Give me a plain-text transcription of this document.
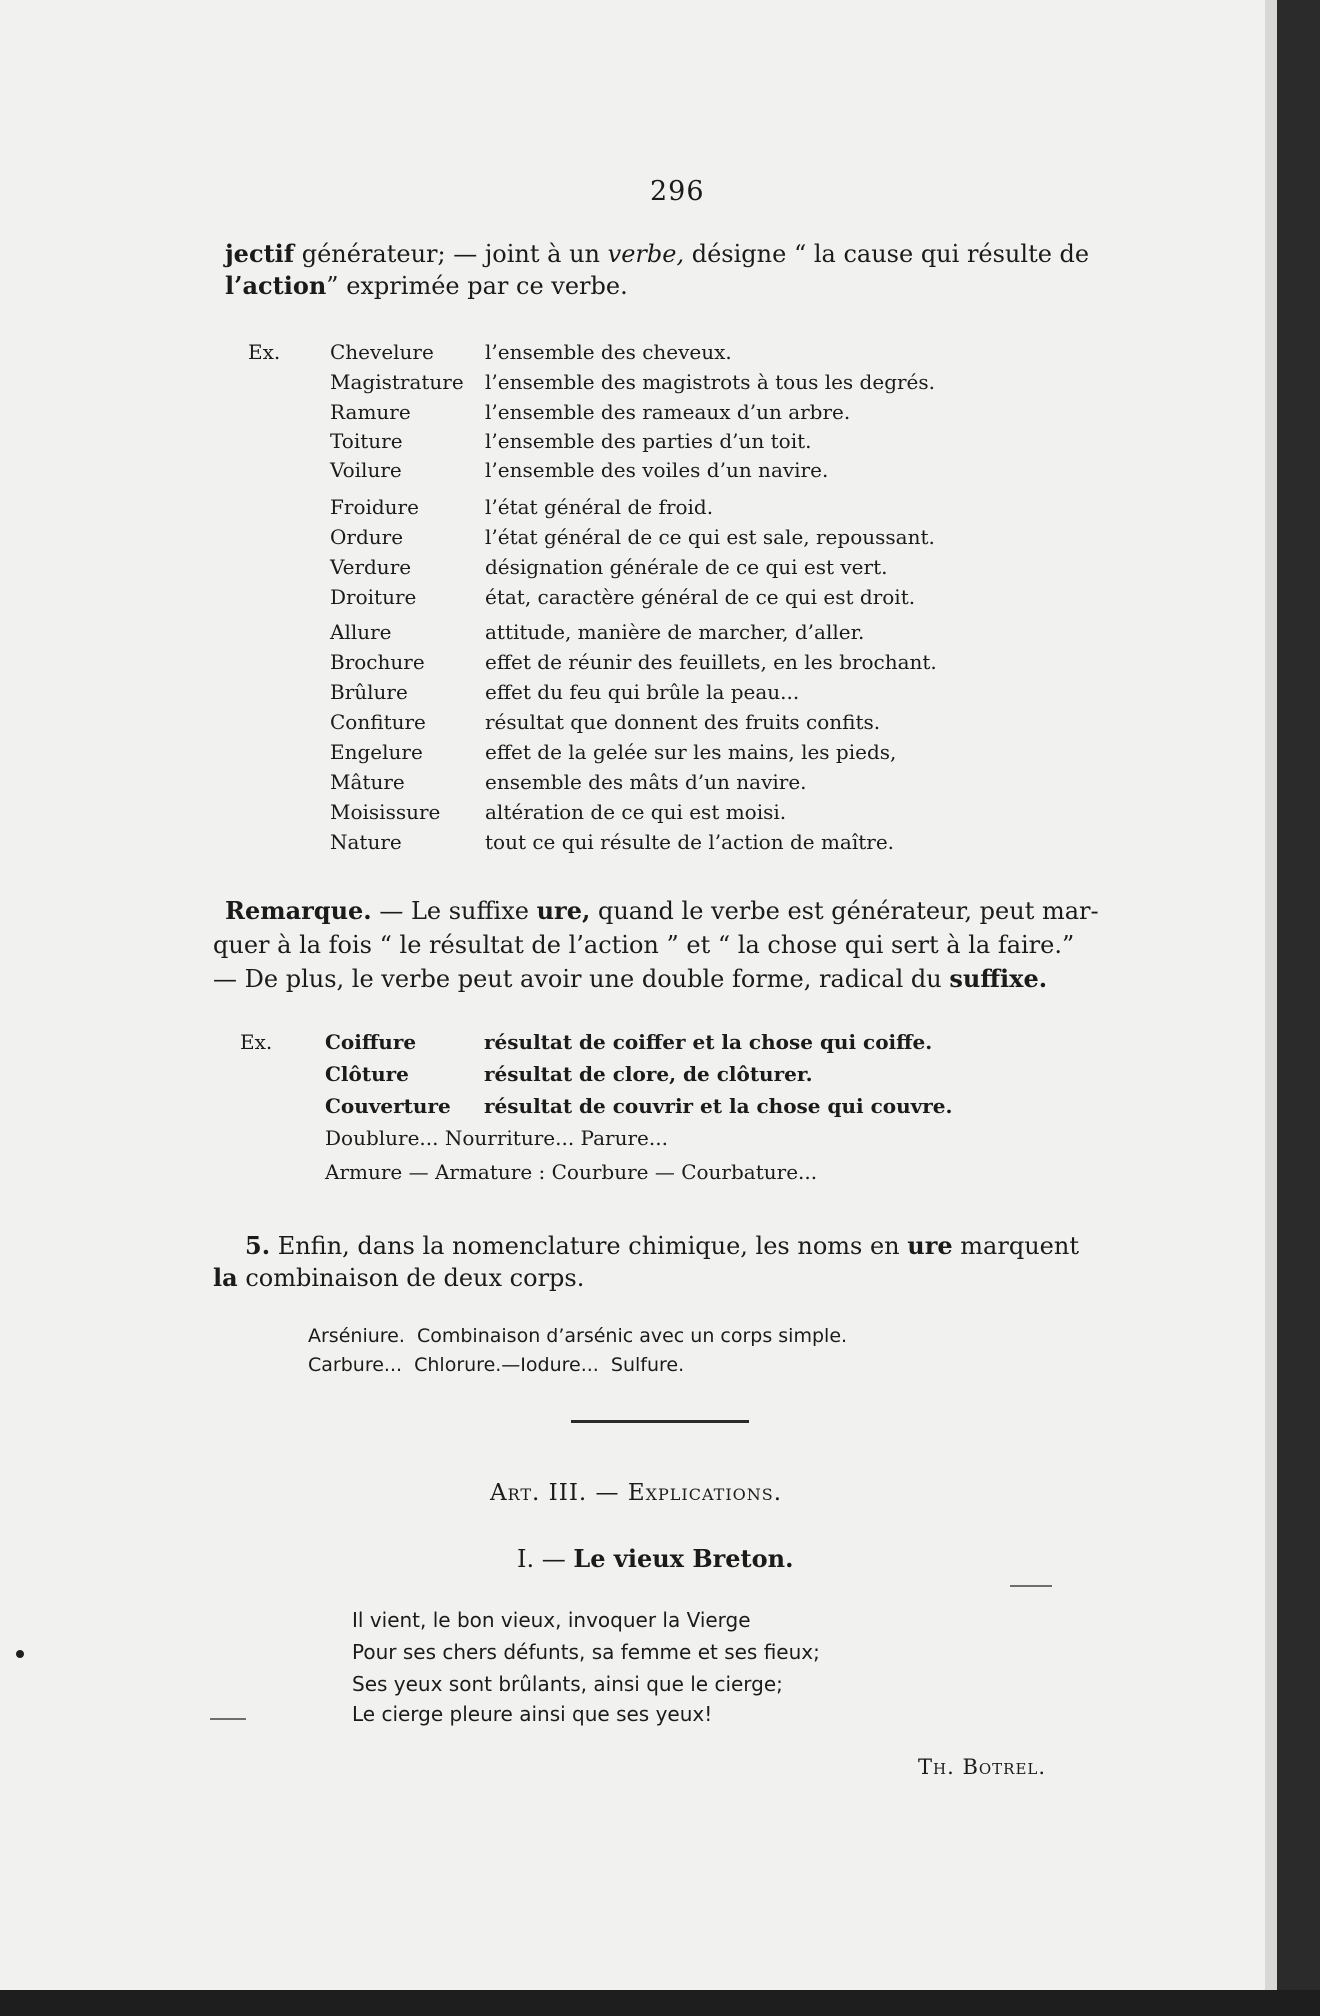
296
jectif générateur; — joint à un verbe, désigne “ la cause qui résulte de
l’action” exprimée par ce verbe.
Ex. Chevelure	l’ensemble des cheveux.
Magistrature l’ensemble des magistrots à tous les degrés.
Ramure	l’ensemble des rameaux d’un arbre.
Toiture	l’ensemble des parties d’un toit.
Voilure	l’ensemble des voiles d’un navire.
Froidure	l’état général de froid.
Ordure	l’état général de ce qui est sale, repoussant.
Verdure	désignation générale de ce qui est vert.
Droiture	état, caractère général de ce qui est droit.
Allure	attitude, manière de marcher, d’aller.
Brochure	effet de réunir des feuillets, en les brochant.
Brûlure	effet du feu qui brûle la peau...
Confiture	résultat que donnent des fruits confits.
Engelure	effet de la gelée sur les mains, les pieds,
Mâture	ensemble des mâts d’un navire.
Moisissure altération de ce qui est moisi.
Nature	tout ce qui résulte de l’action de maître.
Remarque. — Le suffixe ure, quand le verbe est générateur, peut mar-
quer à la fois “ le résultat de l’action ” et “ la chose qui sert à la faire.”
— De plus, le verbe peut avoir une double forme, radical du suffixe.
Ex.	Coiffure	résultat de coiffer et la chose qui coiffe.
Clôture	résultat de clore, de clôturer.
Couverture résultat de couvrir et la chose qui couvre.
Doublure... Nourriture... Parure...
Armure — Armature : Courbure — Courbature...
5. Enfin, dans la nomenclature chimique, les noms en ure marquent
la combinaison de deux corps.
Arséniure.  Combinaison d’arsénic avec un corps simple.
Carbure...  Chlorure.—Iodure...  Sulfure.
Art. III. — Explications.
I. — Le vieux Breton.
Il vient, le bon vieux, invoquer la Vierge
Pour ses chers défunts, sa femme et ses fieux;
Ses yeux sont brûlants, ainsi que le cierge;
Le cierge pleure ainsi que ses yeux!
Th. Botrel.
